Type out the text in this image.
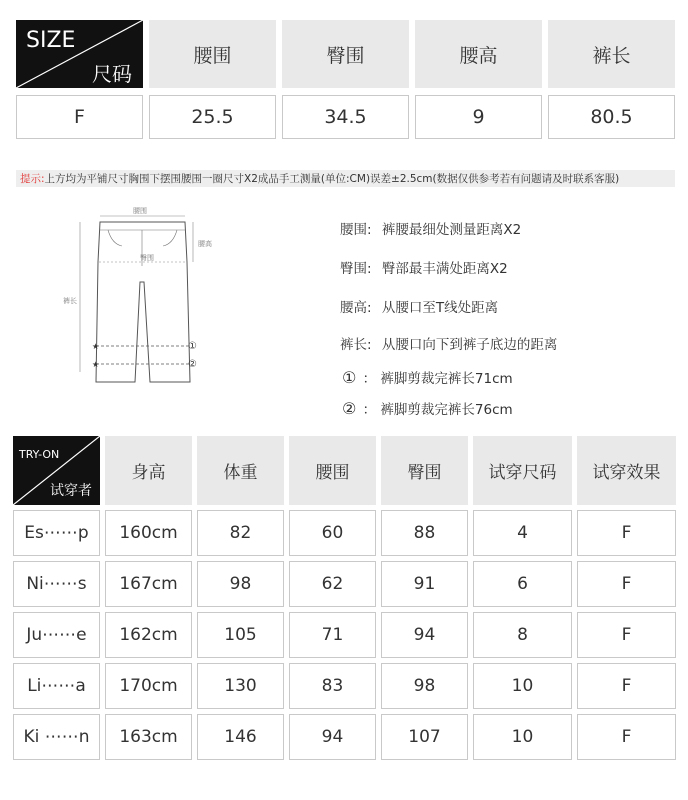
SIZE
尺码
腰围	臀围	腰高	裤长
F	25.5	34.5	9	80.5
提示: 上方均为平铺尺寸胸围下摆围腰围一圈尺寸X2成品手工测量(单位:CM)误差±2.5cm(数据仅供参考若有问题请及时联系客服)
腰围
腰高
裤长
臀围
★
★
①
②
腰围: 裤腰最细处测量距离X2
臀围: 臀部最丰满处距离X2
腰高: 从腰口至T线处距离
裤长: 从腰口向下到裤子底边的距离
① ： 裤脚剪裁完裤长71cm
② ： 裤脚剪裁完裤长76cm
TRY-ON
试穿者
身高	体重	腰围	臀围	试穿尺码	试穿效果
Es⋯⋯p	160cm	82	60	88	4	F
Ni⋯⋯s	167cm	98	62	91	6	F
Ju⋯⋯e	162cm	105	71	94	8	F
Li⋯⋯a	170cm	130	83	98	10	F
Ki ⋯⋯n	163cm	146	94	107	10	F
